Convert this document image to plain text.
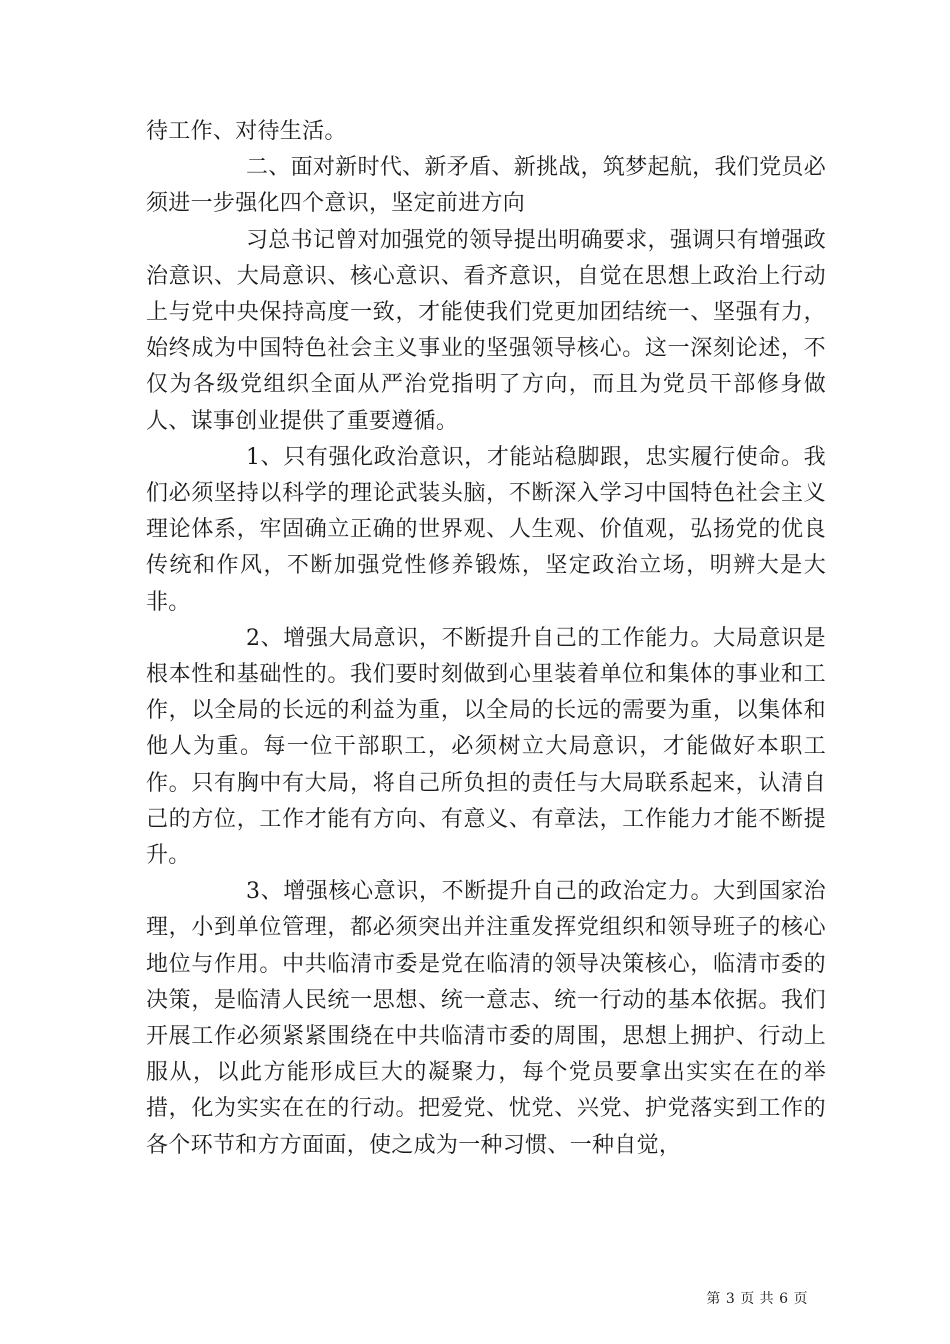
待工作、对待生活。

二、面对新时代、新矛盾、新挑战，筑梦起航，我们党员必须进一步强化四个意识，坚定前进方向

习总书记曾对加强党的领导提出明确要求，强调只有增强政治意识、大局意识、核心意识、看齐意识，自觉在思想上政治上行动上与党中央保持高度一致，才能使我们党更加团结统一、坚强有力，始终成为中国特色社会主义事业的坚强领导核心。这一深刻论述，不仅为各级党组织全面从严治党指明了方向，而且为党员干部修身做人、谋事创业提供了重要遵循。

1、只有强化政治意识，才能站稳脚跟，忠实履行使命。我们必须坚持以科学的理论武装头脑，不断深入学习中国特色社会主义理论体系，牢固确立正确的世界观、人生观、价值观，弘扬党的优良传统和作风，不断加强党性修养锻炼，坚定政治立场，明辨大是大非。

2、增强大局意识，不断提升自己的工作能力。大局意识是根本性和基础性的。我们要时刻做到心里装着单位和集体的事业和工作，以全局的长远的利益为重，以全局的长远的需要为重，以集体和他人为重。每一位干部职工，必须树立大局意识，才能做好本职工作。只有胸中有大局，将自己所负担的责任与大局联系起来，认清自己的方位，工作才能有方向、有意义、有章法，工作能力才能不断提升。

3、增强核心意识，不断提升自己的政治定力。大到国家治理，小到单位管理，都必须突出并注重发挥党组织和领导班子的核心地位与作用。中共临清市委是党在临清的领导决策核心，临清市委的决策，是临清人民统一思想、统一意志、统一行动的基本依据。我们开展工作必须紧紧围绕在中共临清市委的周围，思想上拥护、行动上服从，以此方能形成巨大的凝聚力，每个党员要拿出实实在在的举措，化为实实在在的行动。把爱党、忧党、兴党、护党落实到工作的各个环节和方方面面，使之成为一种习惯、一种自觉，

第 3 页 共 6 页
